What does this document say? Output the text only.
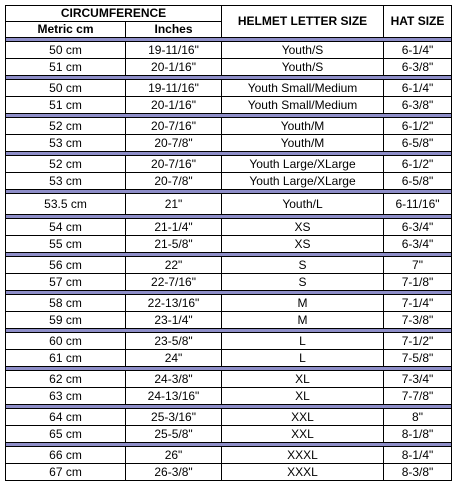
CIRCUMFERENCE		HELMET LETTER SIZE	HAT SIZE
Metric cm	Inches		

50 cm	19-11/16"	Youth/S	6-1/4"
51 cm	20-1/16"	Youth/S	6-3/8"

50 cm	19-11/16"	Youth Small/Medium	6-1/4"
51 cm	20-1/16"	Youth Small/Medium	6-3/8"

52 cm	20-7/16"	Youth/M	6-1/2"
53 cm	20-7/8"	Youth/M	6-5/8"

52 cm	20-7/16"	Youth Large/XLarge	6-1/2"
53 cm	20-7/8"	Youth Large/XLarge	6-5/8"

53.5 cm	21"	Youth/L	6-11/16"

54 cm	21-1/4"	XS	6-3/4"
55 cm	21-5/8"	XS	6-3/4"

56 cm	22"	S	7"
57 cm	22-7/16"	S	7-1/8"

58 cm	22-13/16"	M	7-1/4"
59 cm	23-1/4"	M	7-3/8"

60 cm	23-5/8"	L	7-1/2"
61 cm	24"	L	7-5/8"

62 cm	24-3/8"	XL	7-3/4"
63 cm	24-13/16"	XL	7-7/8"

64 cm	25-3/16"	XXL	8"
65 cm	25-5/8"	XXL	8-1/8"

66 cm	26"	XXXL	8-1/4"
67 cm	26-3/8"	XXXL	8-3/8"
